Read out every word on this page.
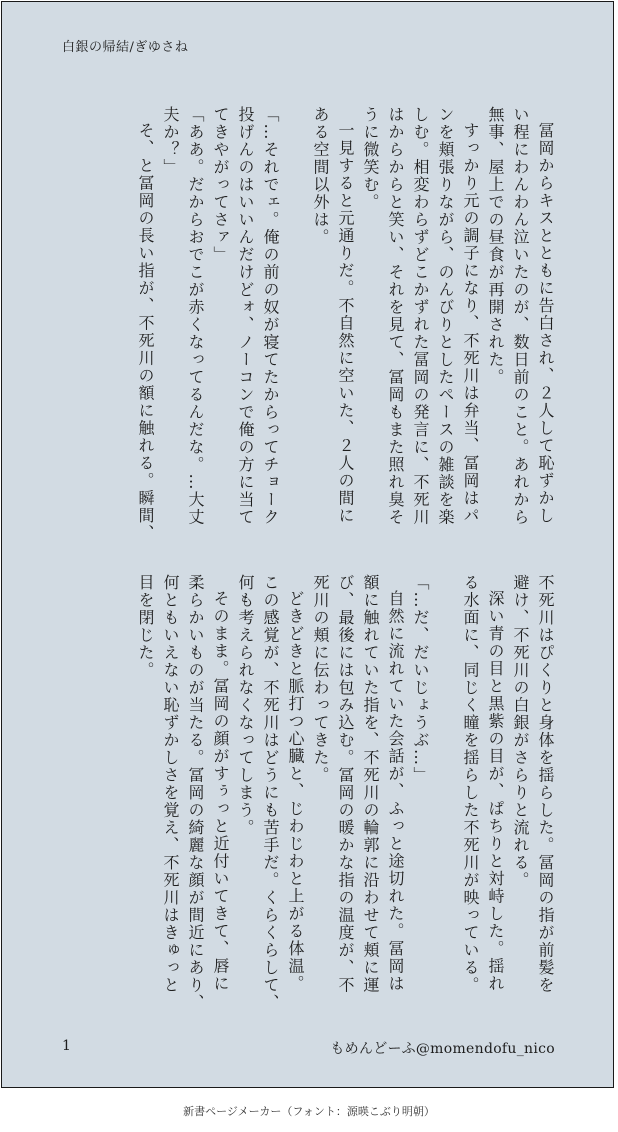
白銀の帰結/ぎゆさね
冨岡からキスとともに告白され、２人して恥ずかし
い程にわんわん泣いたのが、数日前のこと。あれから
無事、屋上での昼食が再開された。
すっかり元の調子になり、不死川は弁当、冨岡はパ
ンを頬張りながら、のんびりとしたペースの雑談を楽
しむ。相変わらずどこかずれた冨岡の発言に、不死川
はからからと笑い、それを見て、冨岡もまた照れ臭そ
うに微笑む。
一見すると元通りだ。不自然に空いた、２人の間に
ある空間以外は。
「…それでェ。俺の前の奴が寝てたからってチョーク
投げんのはいいんだけどォ、ノーコンで俺の方に当て
てきやがってさァ」
「ああ。だからおでこが赤くなってるんだな。…大丈
夫か？」
そ、と冨岡の長い指が、不死川の額に触れる。瞬間、
不死川はぴくりと身体を揺らした。冨岡の指が前髪を
避け、不死川の白銀がさらりと流れる。
深い青の目と黒紫の目が、ぱちりと対峙した。揺れ
る水面に、同じく瞳を揺らした不死川が映っている。
「…だ、だいじょうぶ…」
自然に流れていた会話が、ふっと途切れた。冨岡は
額に触れていた指を、不死川の輪郭に沿わせて頬に運
び、最後には包み込む。冨岡の暖かな指の温度が、不
死川の頬に伝わってきた。
どきどきと脈打つ心臓と、じわじわと上がる体温。
この感覚が、不死川はどうにも苦手だ。くらくらして、
何も考えられなくなってしまう。
そのまま。冨岡の顔がすぅっと近付いてきて、唇に
柔らかいものが当たる。冨岡の綺麗な顔が間近にあり、
何ともいえない恥ずかしさを覚え、不死川はきゅっと
目を閉じた。
1	もめんどーふ@momendofu_nico
新書ページメーカー（フォント：源暎こぶり明朝）
